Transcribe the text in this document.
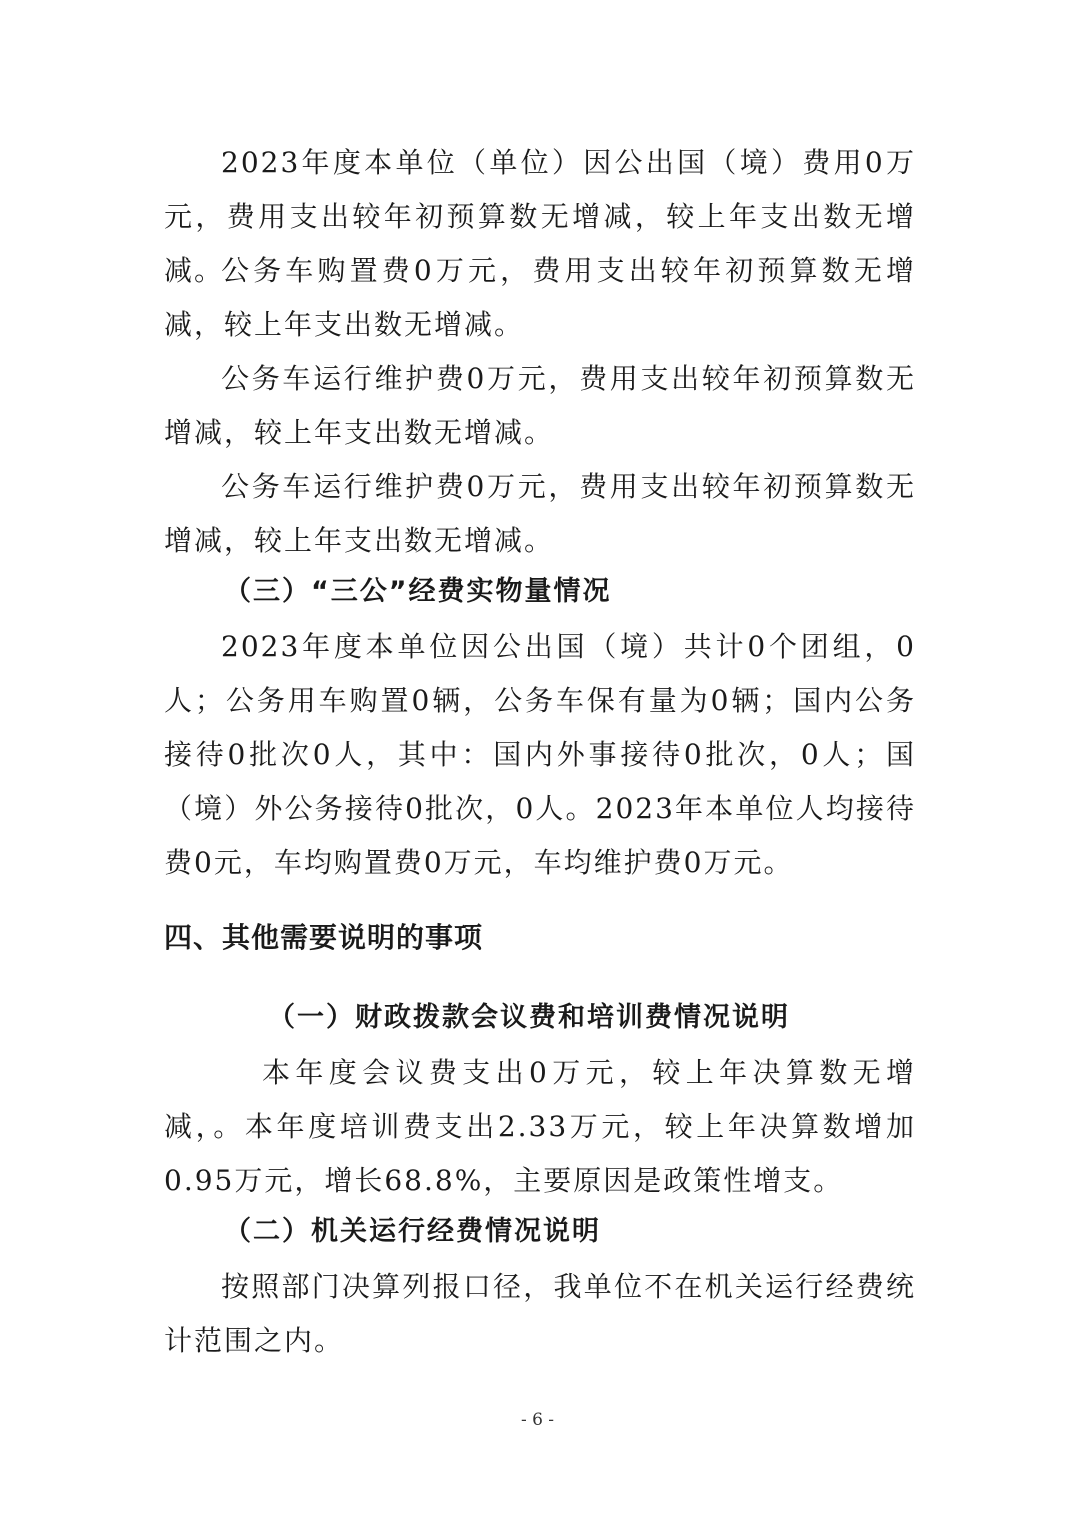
2023年度本单位（单位）因公出国（境）费用0万元，费用支出较年初预算数无增减，较上年支出数无增减。

公务车购置费0万元，费用支出较年初预算数无增减，较上年支出数无增减。

公务车运行维护费0万元，费用支出较年初预算数无增减，较上年支出数无增减。

公务车运行维护费0万元，费用支出较年初预算数无增减，较上年支出数无增减。

（三）“三公”经费实物量情况

2023年度本单位因公出国（境）共计0个团组，0人；公务用车购置0辆，公务车保有量为0辆；国内公务接待0批次0人，其中：国内外事接待0批次，0人；国（境）外公务接待0批次，0人。2023年本单位人均接待费0元，车均购置费0万元，车均维护费0万元。

四、其他需要说明的事项
（一）财政拨款会议费和培训费情况说明

本年度会议费支出0万元，较上年决算数无增减，。本年度培训费支出2.33万元，较上年决算数增加0.95万元，增长68.8%，主要原因是政策性增支。

（二）机关运行经费情况说明

按照部门决算列报口径，我单位不在机关运行经费统计范围之内。

- 6 -
